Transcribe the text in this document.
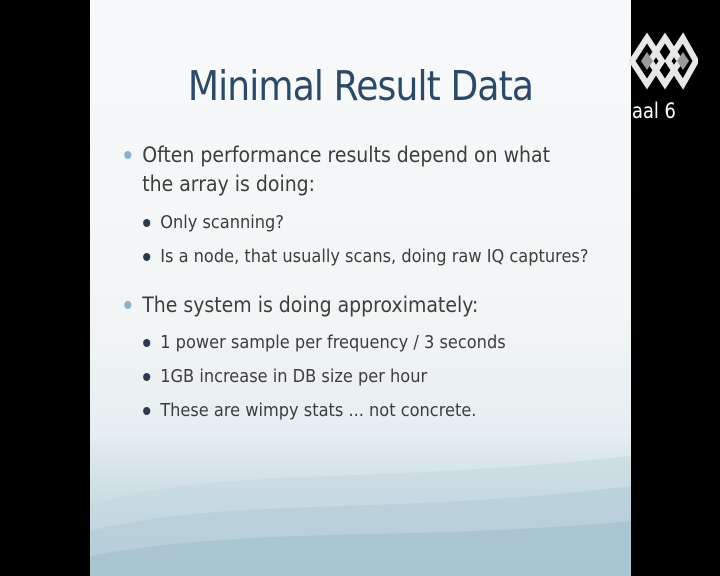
Minimal Result Data
Often performance results depend on what the array is doing:
Only scanning?
Is a node, that usually scans, doing raw IQ captures?
The system is doing approximately:
1 power sample per frequency / 3 seconds
1GB increase in DB size per hour
These are wimpy stats ... not concrete.
aal 6
